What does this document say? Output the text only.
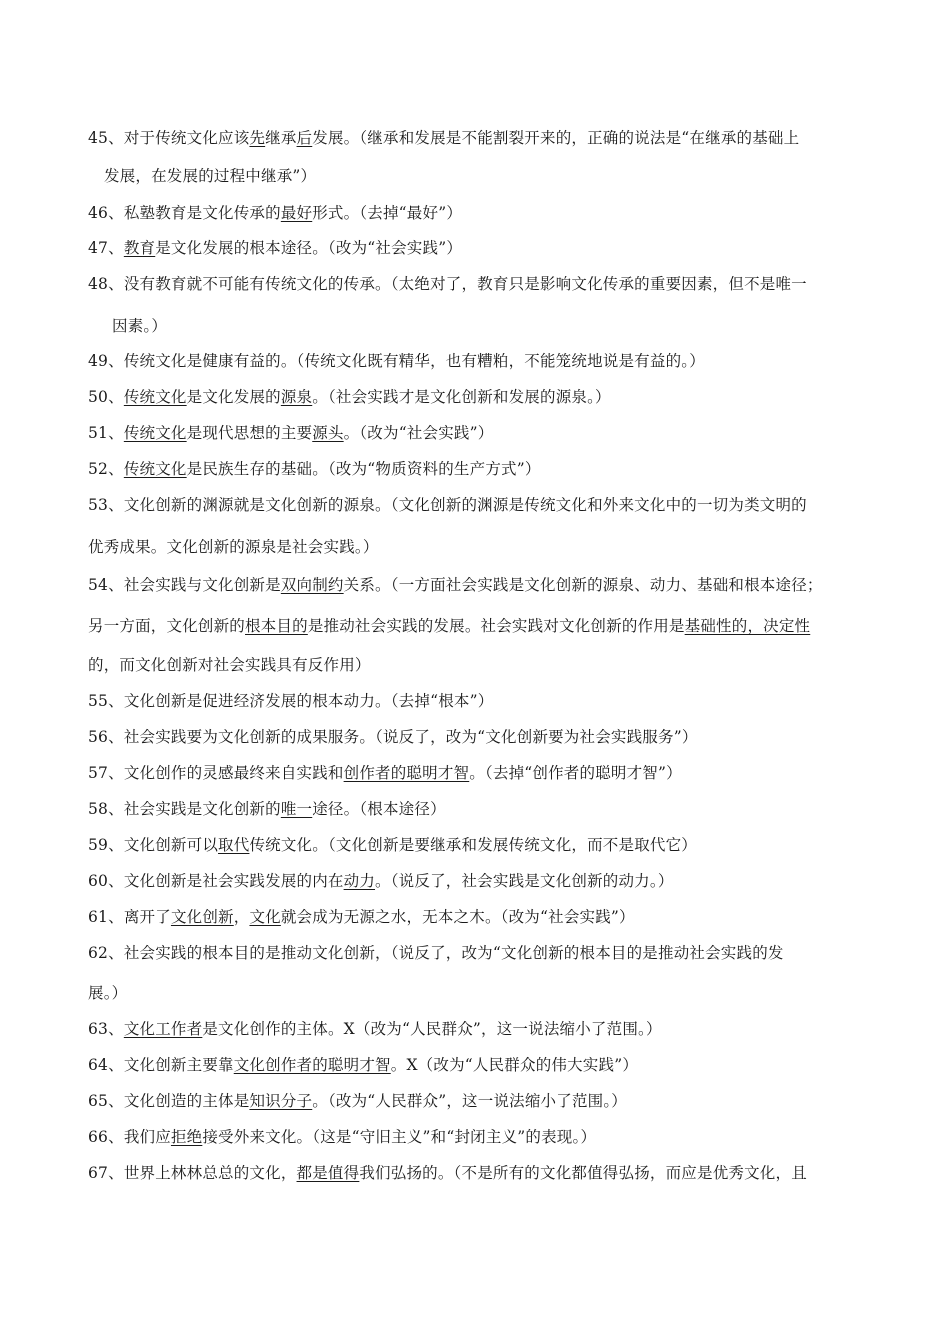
45、对于传统文化应该先继承后发展。（继承和发展是不能割裂开来的，正确的说法是“在继承的基础上
发展，在发展的过程中继承”）
46、私塾教育是文化传承的最好形式。（去掉“最好”）
47、教育是文化发展的根本途径。（改为“社会实践”）
48、没有教育就不可能有传统文化的传承。（太绝对了，教育只是影响文化传承的重要因素，但不是唯一
因素。）
49、传统文化是健康有益的。（传统文化既有精华，也有糟粕，不能笼统地说是有益的。）
50、传统文化是文化发展的源泉。（社会实践才是文化创新和发展的源泉。）
51、传统文化是现代思想的主要源头。（改为“社会实践”）
52、传统文化是民族生存的基础。（改为“物质资料的生产方式”）
53、文化创新的渊源就是文化创新的源泉。（文化创新的渊源是传统文化和外来文化中的一切为类文明的
优秀成果。文化创新的源泉是社会实践。）
54、社会实践与文化创新是双向制约关系。（一方面社会实践是文化创新的源泉、动力、基础和根本途径；
另一方面，文化创新的根本目的是推动社会实践的发展。社会实践对文化创新的作用是基础性的，决定性
的，而文化创新对社会实践具有反作用）
55、文化创新是促进经济发展的根本动力。（去掉“根本”）
56、社会实践要为文化创新的成果服务。（说反了，改为“文化创新要为社会实践服务”）
57、文化创作的灵感最终来自实践和创作者的聪明才智。（去掉“创作者的聪明才智”）
58、社会实践是文化创新的唯一途径。（根本途径）
59、文化创新可以取代传统文化。（文化创新是要继承和发展传统文化，而不是取代它）
60、文化创新是社会实践发展的内在动力。（说反了，社会实践是文化创新的动力。）
61、离开了文化创新，文化就会成为无源之水，无本之木。（改为“社会实践”）
62、社会实践的根本目的是推动文化创新，（说反了，改为“文化创新的根本目的是推动社会实践的发
展。）
63、文化工作者是文化创作的主体。X（改为“人民群众”，这一说法缩小了范围。）
64、文化创新主要靠文化创作者的聪明才智。X（改为“人民群众的伟大实践”）
65、文化创造的主体是知识分子。（改为“人民群众”，这一说法缩小了范围。）
66、我们应拒绝接受外来文化。（这是“守旧主义”和“封闭主义”的表现。）
67、世界上林林总总的文化，都是值得我们弘扬的。（不是所有的文化都值得弘扬，而应是优秀文化，且
